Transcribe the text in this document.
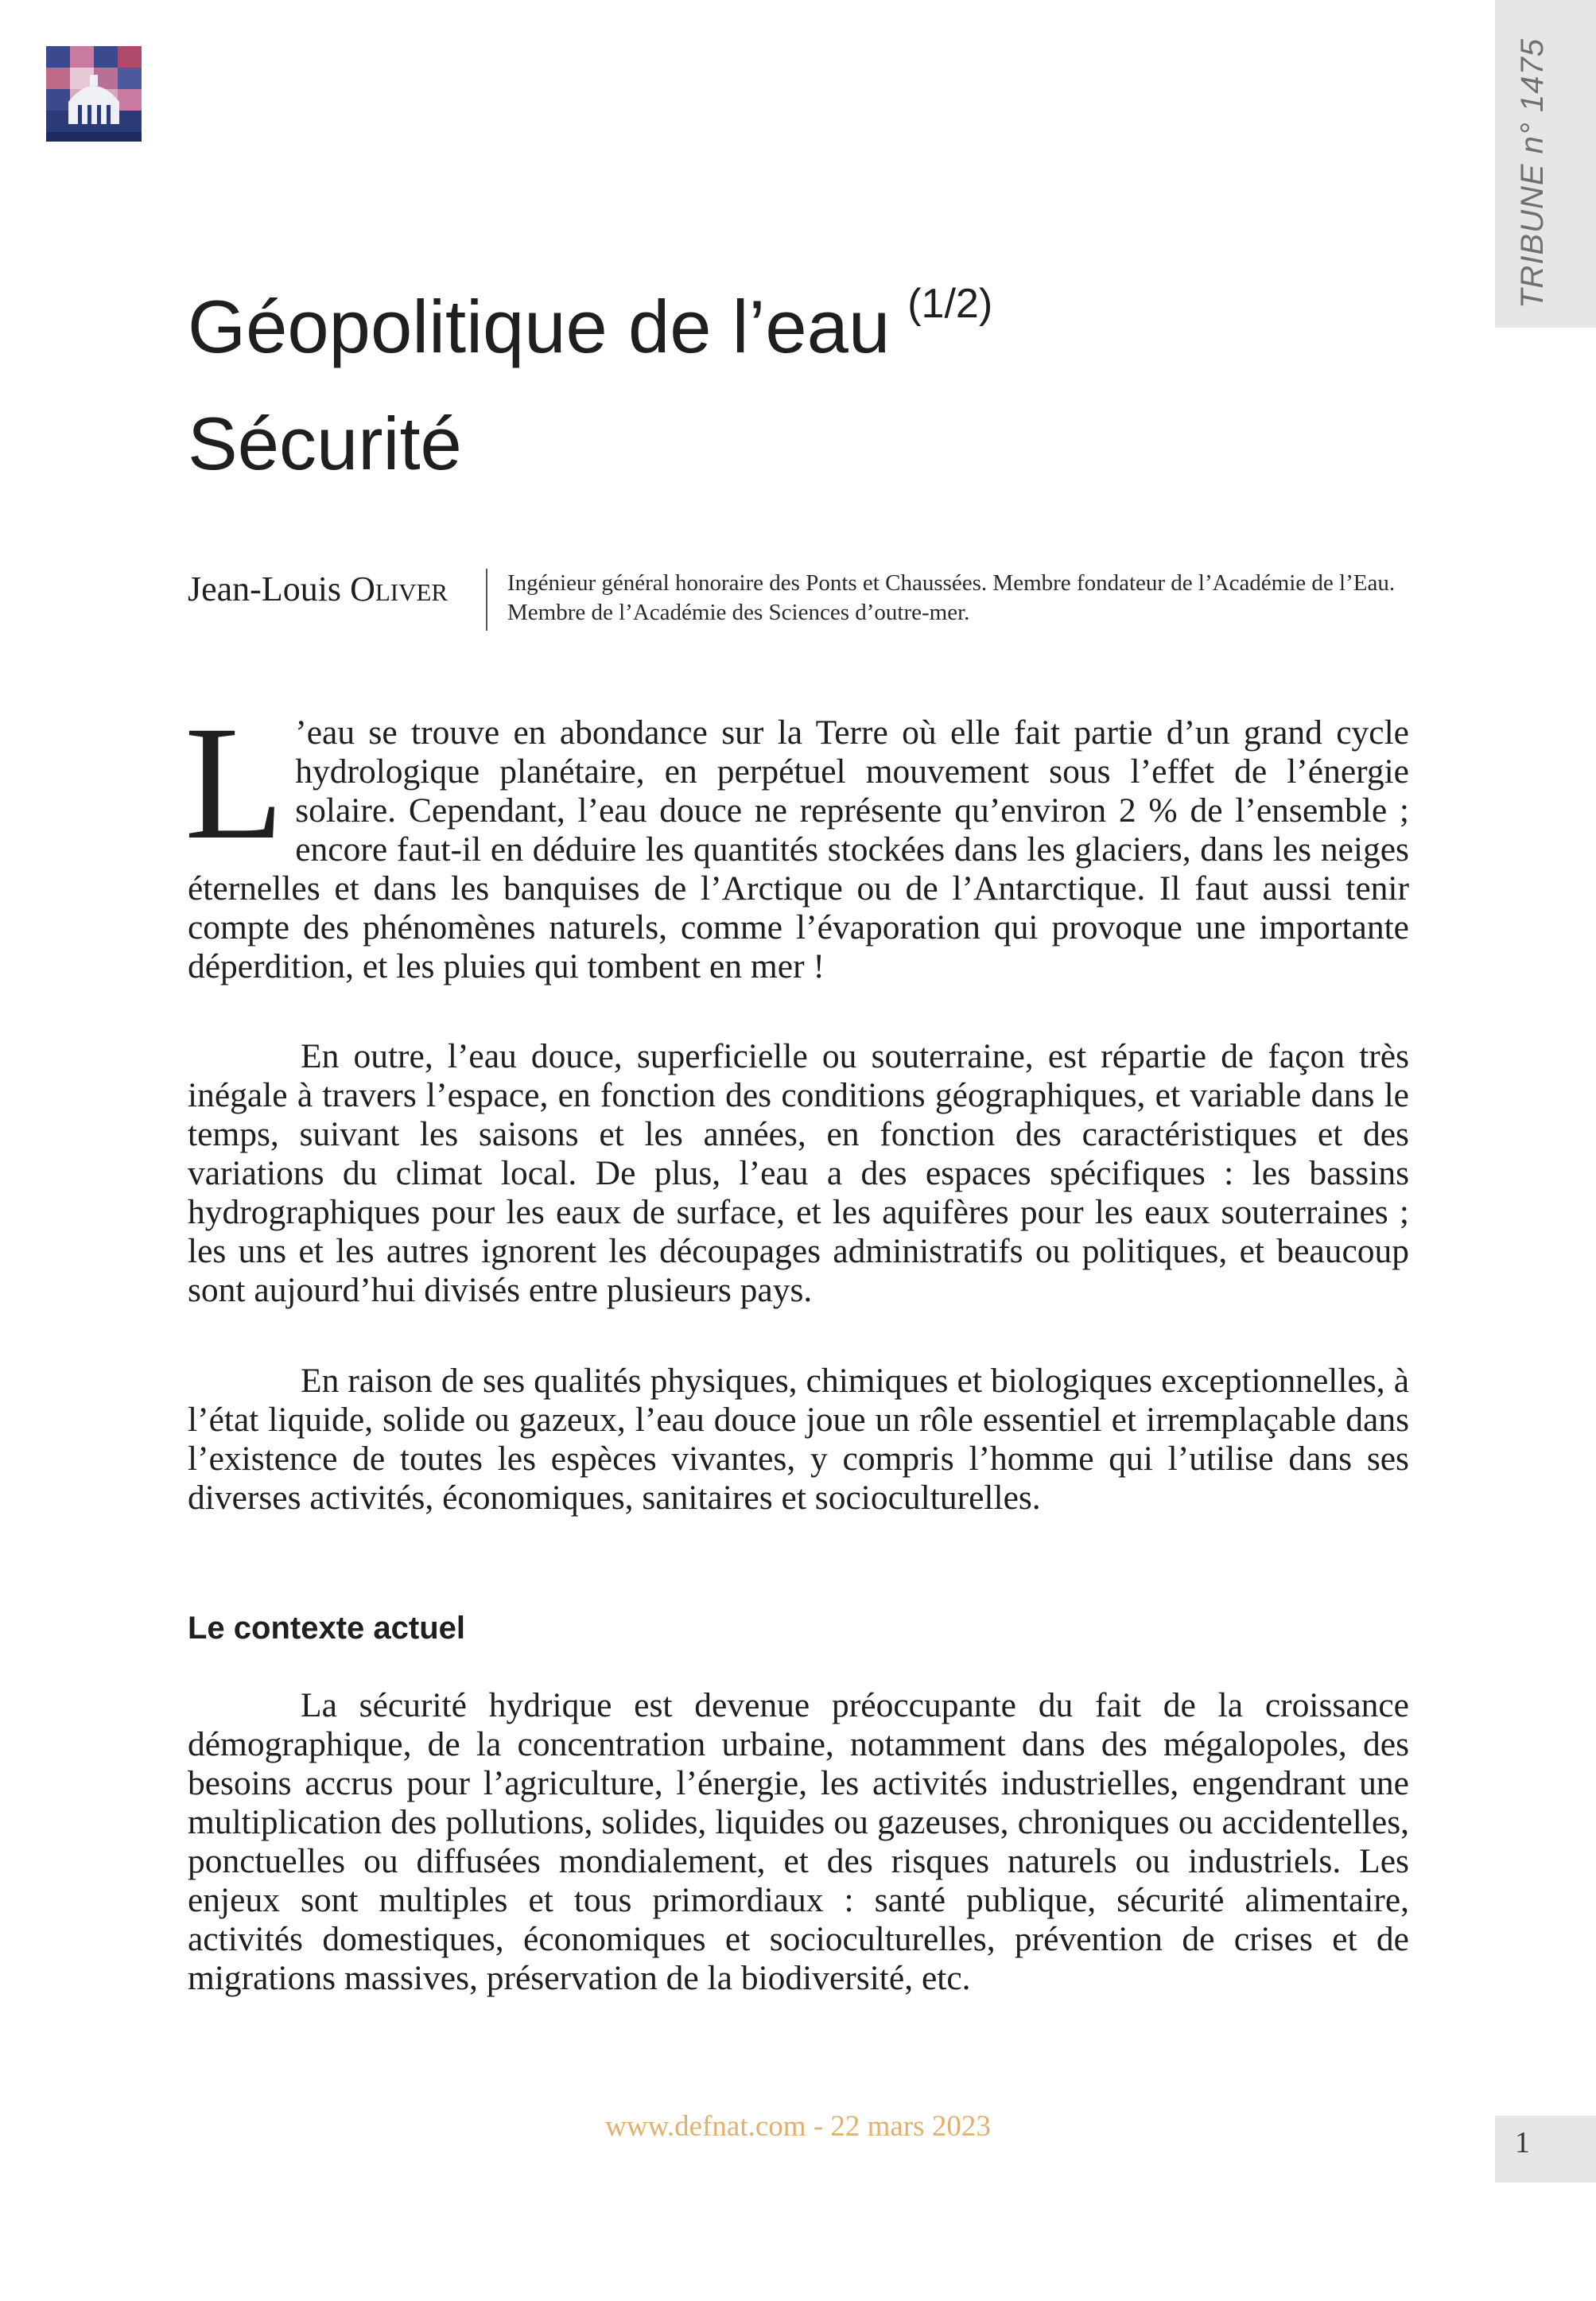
TRIBUNE n° 1475
Géopolitique de l’eau $^{(1/2)}$
Sécurité
Jean-Louis Oliver	Ingénieur général honoraire des Ponts et Chaussées. Membre fondateur de l’Académie de l’Eau. Membre de l’Académie des Sciences d’outre-mer.

L ’eau se trouve en abondance sur la Terre où elle fait partie d’un grand cycle hydrologique planétaire, en perpétuel mouvement sous l’effet de l’énergie solaire. Cependant, l’eau douce ne représente qu’environ 2 % de l’ensemble ; encore faut-il en déduire les quantités stockées dans les glaciers, dans les neiges éternelles et dans les banquises de l’Arctique ou de l’Antarctique. Il faut aussi tenir compte des phénomènes naturels, comme l’évaporation qui provoque une importante déperdition, et les pluies qui tombent en mer !

En outre, l’eau douce, superficielle ou souterraine, est répartie de façon très inégale à travers l’espace, en fonction des conditions géographiques, et variable dans le temps, suivant les saisons et les années, en fonction des caractéristiques et des variations du climat local. De plus, l’eau a des espaces spécifiques : les bassins hydrographiques pour les eaux de surface, et les aquifères pour les eaux souterraines ; les uns et les autres ignorent les découpages administratifs ou politiques, et beaucoup sont aujourd’hui divisés entre plusieurs pays.

En raison de ses qualités physiques, chimiques et biologiques exceptionnelles, à l’état liquide, solide ou gazeux, l’eau douce joue un rôle essentiel et irremplaçable dans l’existence de toutes les espèces vivantes, y compris l’homme qui l’utilise dans ses diverses activités, économiques, sanitaires et socioculturelles.

Le contexte actuel

La sécurité hydrique est devenue préoccupante du fait de la croissance démographique, de la concentration urbaine, notamment dans des mégalopoles, des besoins accrus pour l’agriculture, l’énergie, les activités industrielles, engendrant une multiplication des pollutions, solides, liquides ou gazeuses, chroniques ou accidentelles, ponctuelles ou diffusées mondialement, et des risques naturels ou industriels. Les enjeux sont multiples et tous primordiaux : santé publique, sécurité alimentaire, activités domestiques, économiques et socioculturelles, prévention de crises et de migrations massives, préservation de la biodiversité, etc.

www.defnat.com - 22 mars 2023	1
